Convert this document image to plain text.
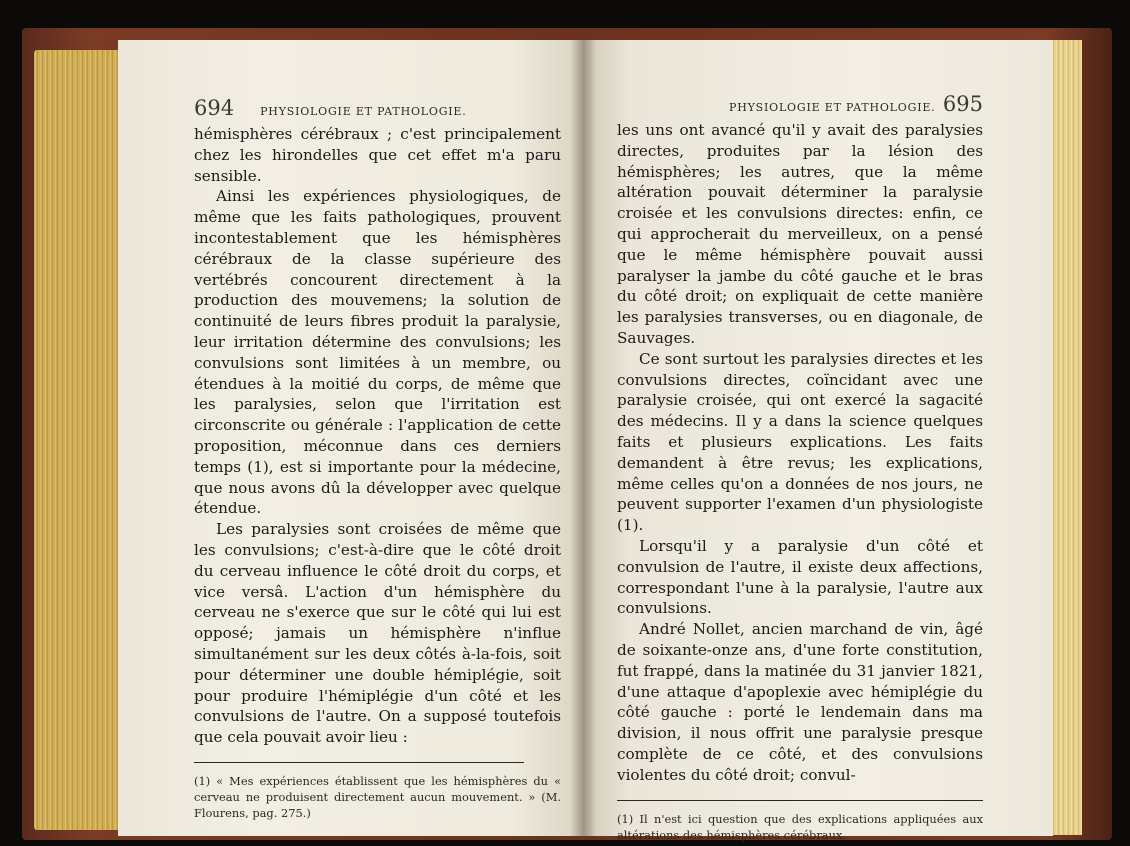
694 PHYSIOLOGIE ET PATHOLOGIE.

hémisphères cérébraux ; c'est principalement chez les hirondelles que cet effet m'a paru sensible.

Ainsi les expériences physiologiques, de même que les faits pathologiques, prouvent incontestablement que les hémisphères cérébraux de la classe supérieure des vertébrés concourent directement à la production des mouvemens; la solution de continuité de leurs fibres produit la paralysie, leur irritation détermine des convulsions; les convulsions sont limitées à un membre, ou étendues à la moitié du corps, de même que les paralysies, selon que l'irritation est circonscrite ou générale : l'application de cette proposition, méconnue dans ces derniers temps (1), est si importante pour la médecine, que nous avons dû la développer avec quelque étendue.

Les paralysies sont croisées de même que les convulsions; c'est-à-dire que le côté droit du cerveau influence le côté droit du corps, et vice versâ. L'action d'un hémisphère du cerveau ne s'exerce que sur le côté qui lui est opposé; jamais un hémisphère n'influe simultanément sur les deux côtés à-la-fois, soit pour déterminer une double hémiplégie, soit pour produire l'hémiplégie d'un côté et les convulsions de l'autre. On a supposé toutefois que cela pouvait avoir lieu :

(1) « Mes expériences établissent que les hémisphères du « cerveau ne produisent directement aucun mouvement. » (M. Flourens, pag. 275.)
PHYSIOLOGIE ET PATHOLOGIE. 695

les uns ont avancé qu'il y avait des paralysies directes, produites par la lésion des hémisphères; les autres, que la même altération pouvait déterminer la paralysie croisée et les convulsions directes: enfin, ce qui approcherait du merveilleux, on a pensé que le même hémisphère pouvait aussi paralyser la jambe du côté gauche et le bras du côté droit; on expliquait de cette manière les paralysies transverses, ou en diagonale, de Sauvages.

Ce sont surtout les paralysies directes et les convulsions directes, coïncidant avec une paralysie croisée, qui ont exercé la sagacité des médecins. Il y a dans la science quelques faits et plusieurs explications. Les faits demandent à être revus; les explications, même celles qu'on a données de nos jours, ne peuvent supporter l'examen d'un physiologiste (1).

Lorsqu'il y a paralysie d'un côté et convulsion de l'autre, il existe deux affections, correspondant l'une à la paralysie, l'autre aux convulsions.

André Nollet, ancien marchand de vin, âgé de soixante-onze ans, d'une forte constitution, fut frappé, dans la matinée du 31 janvier 1821, d'une attaque d'apoplexie avec hémiplégie du côté gauche : porté le lendemain dans ma division, il nous offrit une paralysie presque complète de ce côté, et des convulsions violentes du côté droit; convul-

(1) Il n'est ici question que des explications appliquées aux altérations des hémisphères cérébraux.
